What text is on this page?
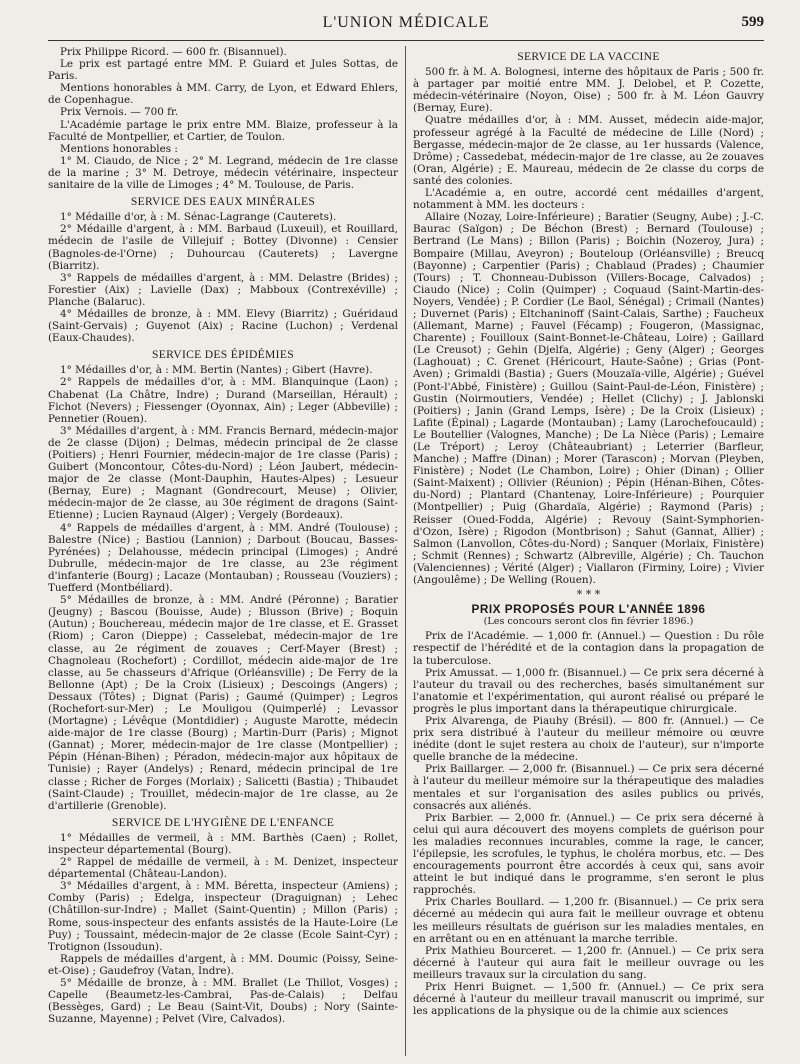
L'UNION MÉDICALE	599

Prix Philippe Ricord. — 600 fr. (Bisannuel).

Le prix est partagé entre MM. P. Guiard et Jules Sottas, de Paris.

Mentions honorables à MM. Carry, de Lyon, et Edward Ehlers, de Copenhague.

Prix Vernois. — 700 fr.

L'Académie partage le prix entre MM. Blaize, professeur à la Faculté de Montpellier, et Cartier, de Toulon.

Mentions honorables :

1° M. Ciaudo, de Nice ; 2° M. Legrand, médecin de 1re classe de la marine ; 3° M. Detroye, médecin vétérinaire, inspecteur sanitaire de la ville de Limoges ; 4° M. Toulouse, de Paris.

SERVICE DES EAUX MINÉRALES

1° Médaille d'or, à : M. Sénac-Lagrange (Cauterets).

2° Médaille d'argent, à : MM. Barbaud (Luxeuil), et Rouillard, médecin de l'asile de Villejuif ; Bottey (Divonne) : Censier (Bagnoles-de-l'Orne) ; Duhourcau (Cauterets) ; Lavergne (Biarritz).

3° Rappels de médailles d'argent, à : MM. Delastre (Brides) ; Forestier (Aix) ; Lavielle (Dax) ; Mabboux (Contrexéville) ; Planche (Balaruc).

4° Médailles de bronze, à : MM. Elevy (Biarritz) ; Guéridaud (Saint-Gervais) ; Guyenot (Aix) ; Racine (Luchon) ; Verdenal (Eaux-Chaudes).

SERVICE DES ÉPIDÉMIES

1° Médailles d'or, à : MM. Bertin (Nantes) ; Gibert (Havre).

2° Rappels de médailles d'or, à : MM. Blanquinque (Laon) ; Chabenat (La Châtre, Indre) ; Durand (Marseillan, Hérault) ; Fichot (Nevers) ; Fiessenger (Oyonnax, Ain) ; Leger (Abbeville) ; Pennetier (Rouen).

3° Médailles d'argent, à : MM. Francis Bernard, médecin-major de 2e classe (Dijon) ; Delmas, médecin principal de 2e classe (Poitiers) ; Henri Fournier, médecin-major de 1re classe (Paris) ; Guibert (Moncontour, Côtes-du-Nord) ; Léon Jaubert, médecin-major de 2e classe (Mont-Dauphin, Hautes-Alpes) ; Lesueur (Bernay, Eure) ; Magnant (Gondrecourt, Meuse) ; Olivier, médecin-major de 2e classe, au 30e régiment de dragons (Saint-Etienne) ; Lucien Raynaud (Alger) ; Vergely (Bordeaux).

4° Rappels de médailles d'argent, à : MM. André (Toulouse) ; Balestre (Nice) ; Bastiou (Lannion) ; Darbout (Boucau, Basses-Pyrénées) ; Delahousse, médecin principal (Limoges) ; André Dubrulle, médecin-major de 1re classe, au 23e régiment d'infanterie (Bourg) ; Lacaze (Montauban) ; Rousseau (Vouziers) ; Tuefferd (Montbéliard).

5° Médailles de bronze, à : MM. André (Péronne) ; Baratier (Jeugny) ; Bascou (Bouisse, Aude) ; Blusson (Brive) ; Boquin (Autun) ; Bouchereau, médecin major de 1re classe, et E. Grasset (Riom) ; Caron (Dieppe) ; Casselebat, médecin-major de 1re classe, au 2e régiment de zouaves ; Cerf-Mayer (Brest) ; Chagnoleau (Rochefort) ; Cordillot, médecin aide-major de 1re classe, au 5e chasseurs d'Afrique (Orléansville) ; De Ferry de la Bellonne (Apt) ; De la Croix (Lisieux) ; Descoings (Angers) ; Dessaux (Tôtes) ; Dignat (Paris) ; Gaumé (Quimper) ; Legros (Rochefort-sur-Mer) ; Le Mouligou (Quimperlé) ; Levassor (Mortagne) ; Lévêque (Montdidier) ; Auguste Marotte, médecin aide-major de 1re classe (Bourg) ; Martin-Durr (Paris) ; Mignot (Gannat) ; Morer, médecin-major de 1re classe (Montpellier) ; Pépin (Hénan-Bihen) ; Péradon, médecin-major aux hôpitaux de Tunisie) ; Rayer (Andelys) ; Renard, médecin principal de 1re classe ; Richer de Forges (Morlaix) ; Salicetti (Bastia) ; Thibaudet (Saint-Claude) ; Trouillet, médecin-major de 1re classe, au 2e d'artillerie (Grenoble).

SERVICE DE L'HYGIÈNE DE L'ENFANCE

1° Médailles de vermeil, à : MM. Barthès (Caen) ; Rollet, inspecteur départemental (Bourg).

2° Rappel de médaille de vermeil, à : M. Denizet, inspecteur départemental (Château-Landon).

3° Médailles d'argent, à : MM. Béretta, inspecteur (Amiens) ; Comby (Paris) ; Edelga, inspecteur (Draguignan) ; Lehec (Châtillon-sur-Indre) ; Mallet (Saint-Quentin) ; Millon (Paris) ; Rome, sous-inspecteur des enfants assistés de la Haute-Loire (Le Puy) ; Toussaint, médecin-major de 2e classe (Ecole Saint-Cyr) ; Trotignon (Issoudun).

Rappels de médailles d'argent, à : MM. Doumic (Poissy, Seine-et-Oise) ; Gaudefroy (Vatan, Indre).

5° Médaille de bronze, à : MM. Brallet (Le Thillot, Vosges) ; Capelle (Beaumetz-les-Cambrai, Pas-de-Calais) ; Delfau (Bessèges, Gard) ; Le Beau (Saint-Vit, Doubs) ; Nory (Sainte-Suzanne, Mayenne) ; Pelvet (Vire, Calvados).

SERVICE DE LA VACCINE

500 fr. à M. A. Bolognesi, interne des hôpitaux de Paris ; 500 fr. à partager par moitié entre MM. J. Delobel, et P. Cozette, médecin-vétérinaire (Noyon, Oise) ; 500 fr. à M. Léon Gauvry (Bernay, Eure).

Quatre médailles d'or, à : MM. Ausset, médecin aide-major, professeur agrégé à la Faculté de médecine de Lille (Nord) ; Bergasse, médecin-major de 2e classe, au 1er hussards (Valence, Drôme) ; Cassedebat, médecin-major de 1re classe, au 2e zouaves (Oran, Algérie) ; E. Maureau, médecin de 2e classe du corps de santé des colonies.

L'Académie a, en outre, accordé cent médailles d'argent, notamment à MM. les docteurs :

Allaire (Nozay, Loire-Inférieure) ; Baratier (Seugny, Aube) ; J.-C. Baurac (Saïgon) ; De Béchon (Brest) ; Bernard (Toulouse) ; Bertrand (Le Mans) ; Billon (Paris) ; Boichin (Nozeroy, Jura) ; Bompaire (Millau, Aveyron) ; Bouteloup (Orléansville) ; Breucq (Bayonne) ; Carpentier (Paris) ; Chablaud (Prades) ; Chaumier (Tours) ; T. Chonneau-Dubisson (Villers-Bocage, Calvados) ; Ciaudo (Nice) ; Colin (Quimper) ; Coquaud (Saint-Martin-des-Noyers, Vendée) ; P. Cordier (Le Baol, Sénégal) ; Crimail (Nantes) ; Duvernet (Paris) ; Eltchaninoff (Saint-Calais, Sarthe) ; Faucheux (Allemant, Marne) ; Fauvel (Fécamp) ; Fougeron, (Massignac, Charente) ; Fouilloux (Saint-Bonnet-le-Château, Loire) ; Gaillard (Le Creusot) ; Gehin (Djelfa, Algérie) ; Geny (Alger) ; Georges (Laghouat) ; C. Grenet (Héricourt, Haute-Saône) ; Grias (Pont-Aven) ; Grimaldi (Bastia) ; Guers (Mouzaïa-ville, Algérie) ; Guével (Pont-l'Abbé, Finistère) ; Guillou (Saint-Paul-de-Léon, Finistère) ; Gustin (Noirmoutiers, Vendée) ; Hellet (Clichy) ; J. Jablonski (Poitiers) ; Janin (Grand Lemps, Isère) ; De la Croix (Lisieux) ; Lafite (Épinal) ; Lagarde (Montauban) ; Lamy (Larochefoucauld) ; Le Boutellier (Valognes, Manche) ; De La Nièce (Paris) ; Lemaire (Le Tréport) ; Leroy (Châteaubriant) ; Leterrier (Barfleur, Manche) ; Maffre (Dinan) ; Morer (Tarascon) ; Morvan (Pleyben, Finistère) ; Nodet (Le Chambon, Loire) ; Ohier (Dinan) ; Ollier (Saint-Maixent) ; Ollivier (Réunion) ; Pépin (Hénan-Bihen, Côtes-du-Nord) ; Plantard (Chantenay, Loire-Inférieure) ; Pourquier (Montpellier) ; Puig (Ghardaïa, Algérie) ; Raymond (Paris) ; Reisser (Oued-Fodda, Algérie) ; Revouy (Saint-Symphorien-d'Ozon, Isère) ; Rigodon (Montbrison) ; Sahut (Gannat, Allier) ; Salmon (Lanvollon, Côtes-du-Nord) ; Sanquer (Morlaix, Finistère) ; Schmit (Rennes) ; Schwartz (Albreville, Algérie) ; Ch. Tauchon (Valenciennes) ; Vérité (Alger) ; Viallaron (Firminy, Loire) ; Vivier (Angoulême) ; De Welling (Rouen).

* * *

PRIX PROPOSÉS POUR L'ANNÉE 1896

(Les concours seront clos fin février 1896.)

Prix de l'Académie. — 1,000 fr. (Annuel.) — Question : Du rôle respectif de l'hérédité et de la contagion dans la propagation de la tuberculose.

Prix Amussat. — 1,000 fr. (Bisannuel.) — Ce prix sera décerné à l'auteur du travail ou des recherches, basés simultanément sur l'anatomie et l'expérimentation, qui auront réalisé ou préparé le progrès le plus important dans la thérapeutique chirurgicale.

Prix Alvarenga, de Piauhy (Brésil). — 800 fr. (Annuel.) — Ce prix sera distribué à l'auteur du meilleur mémoire ou œuvre inédite (dont le sujet restera au choix de l'auteur), sur n'importe quelle branche de la médecine.

Prix Baillarger. — 2,000 fr. (Bisannuel.) — Ce prix sera décerné à l'auteur du meilleur mémoire sur la thérapeutique des maladies mentales et sur l'organisation des asiles publics ou privés, consacrés aux aliénés.

Prix Barbier. — 2,000 fr. (Annuel.) — Ce prix sera décerné à celui qui aura découvert des moyens complets de guérison pour les maladies reconnues incurables, comme la rage, le cancer, l'épilepsie, les scrofules, le typhus, le choléra morbus, etc. — Des encouragements pourront être accordés à ceux qui, sans avoir atteint le but indiqué dans le programme, s'en seront le plus rapprochés.

Prix Charles Boullard. — 1,200 fr. (Bisannuel.) — Ce prix sera décerné au médecin qui aura fait le meilleur ouvrage et obtenu les meilleurs résultats de guérison sur les maladies mentales, en en arrêtant ou en en atténuant la marche terrible.

Prix Mathieu Bourceret. — 1,200 fr. (Annuel.) — Ce prix sera décerné à l'auteur qui aura fait le meilleur ouvrage ou les meilleurs travaux sur la circulation du sang.

Prix Henri Buignet. — 1,500 fr. (Annuel.) — Ce prix sera décerné à l'auteur du meilleur travail manuscrit ou imprimé, sur les applications de la physique ou de la chimie aux sciences
